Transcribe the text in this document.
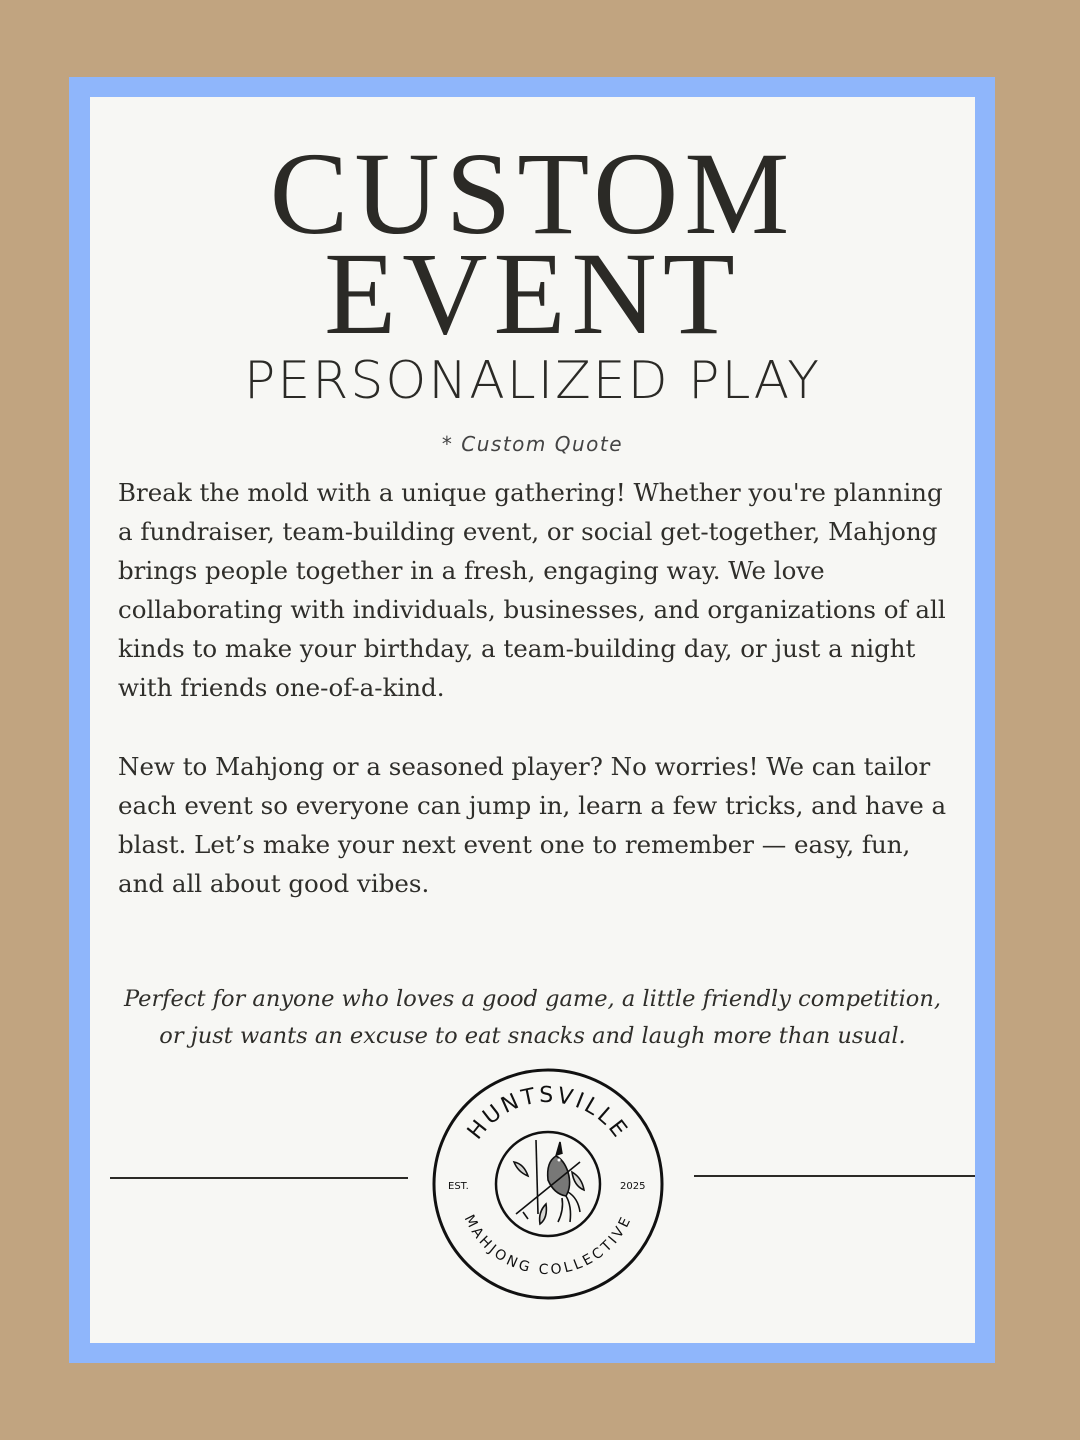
CUSTOM
EVENT
PERSONALIZED PLAY
* Custom Quote

Break the mold with a unique gathering! Whether you're planning a fundraiser, team-building event, or social get-together, Mahjong brings people together in a fresh, engaging way. We love collaborating with individuals, businesses, and organizations of all kinds to make your birthday, a team-building day, or just a night with friends one-of-a-kind.

New to Mahjong or a seasoned player? No worries! We can tailor each event so everyone can jump in, learn a few tricks, and have a blast. Let’s make your next event one to remember — easy, fun, and all about good vibes.

Perfect for anyone who loves a good game, a little friendly competition,
or just wants an excuse to eat snacks and laugh more than usual.

HUNTSVILLE
MAHJONG COLLECTIVE
EST.	2025
